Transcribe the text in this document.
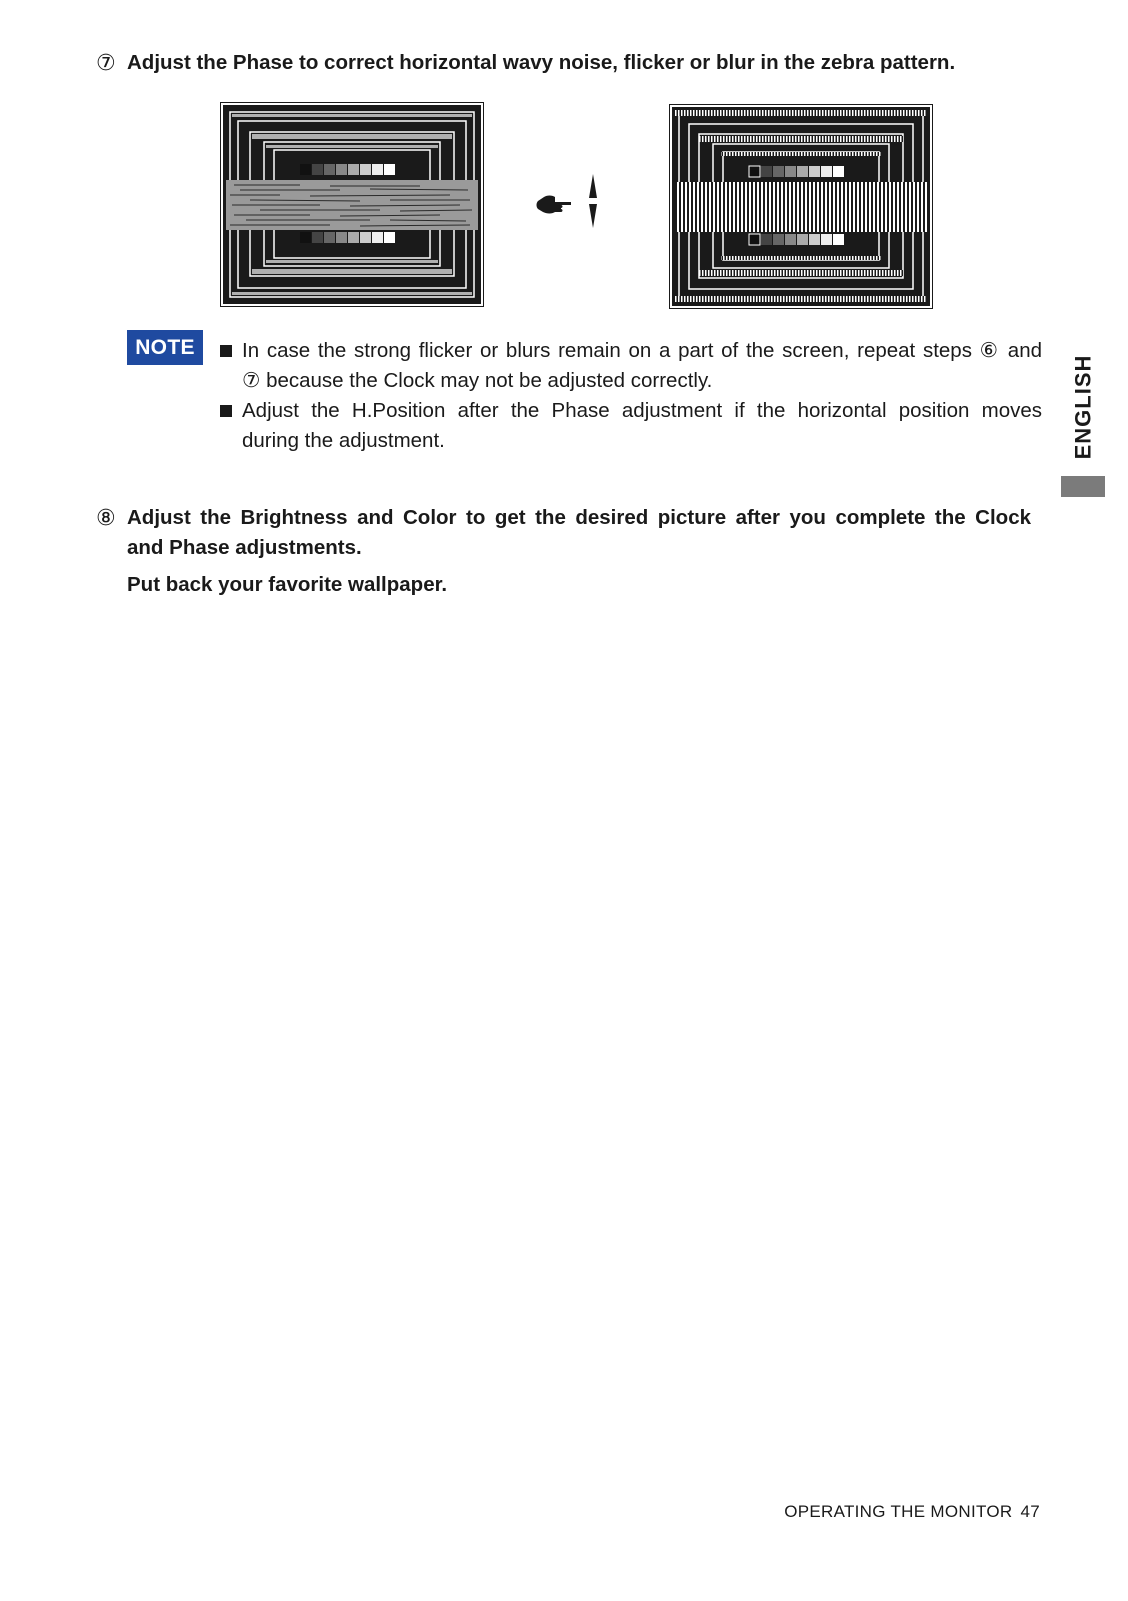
⑦ Adjust the Phase to correct horizontal wavy noise, flicker or blur in the zebra pattern.
NOTE	In case the strong flicker or blurs remain on a part of the screen, repeat steps ⑥ and
⑦ because the Clock may not be adjusted correctly.
Adjust the H.Position after the Phase adjustment if the horizontal position moves
during the adjustment.
⑧ Adjust the Brightness and Color to get the desired picture after you complete the Clock
and Phase adjustments.
Put back your favorite wallpaper.
ENGLISH
OPERATING THE MONITOR 47
